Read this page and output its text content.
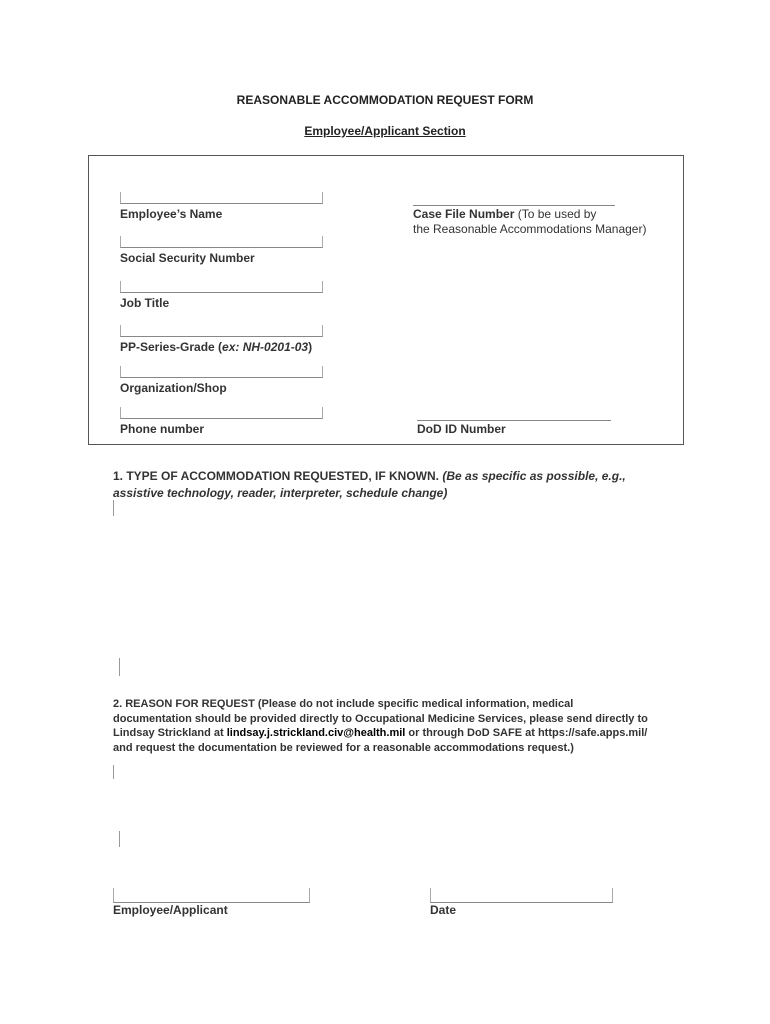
REASONABLE ACCOMMODATION REQUEST FORM
Employee/Applicant Section
Employee’s Name
Social Security Number
Job Title
PP-Series-Grade (ex: NH-0201-03)
Organization/Shop
Phone number
Case File Number (To be used by
the Reasonable Accommodations Manager)
DoD ID Number
1. TYPE OF ACCOMMODATION REQUESTED, IF KNOWN. (Be as specific as possible, e.g., assistive technology, reader, interpreter, schedule change)
2. REASON FOR REQUEST (Please do not include specific medical information, medical documentation should be provided directly to Occupational Medicine Services, please send directly to Lindsay Strickland at lindsay.j.strickland.civ@health.mil or through DoD SAFE at https://safe.apps.mil/ and request the documentation be reviewed for a reasonable accommodations request.)
Employee/Applicant	Date
